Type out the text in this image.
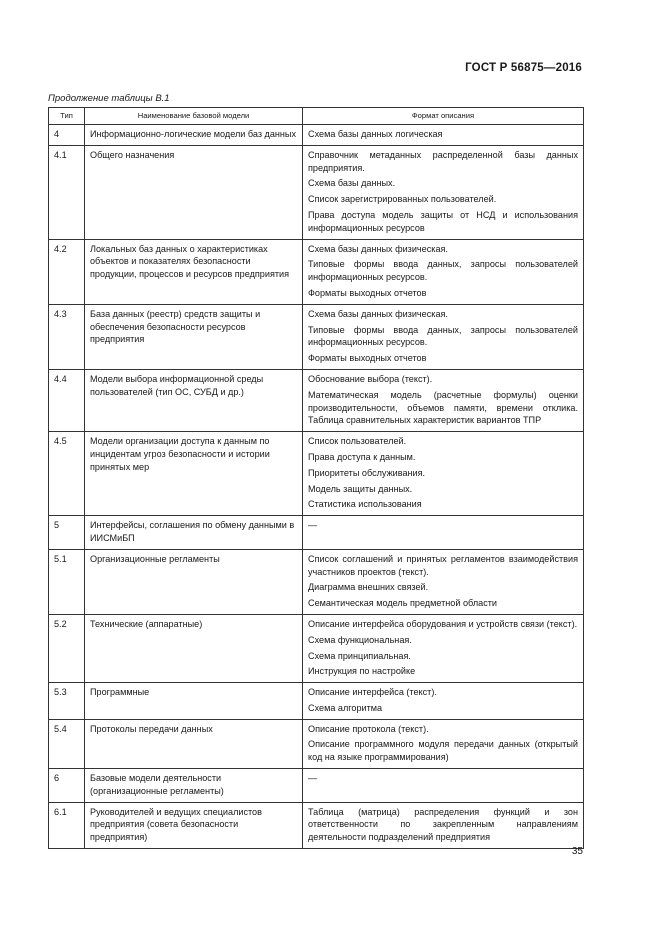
ГОСТ Р 56875—2016
Продолжение таблицы В.1
Тип	Наименование базовой модели	Формат описания
4	Информационно-логические модели баз данных	Схема базы данных логическая

4.1	Общего назначения	Справочник метаданных распределенной базы данных предприятия.

Схема базы данных.

Список зарегистрированных пользователей.

Права доступа модель защиты от НСД и использования информационных ресурсов

4.2	Локальных баз данных о характеристиках объектов и показателях безопасности продукции, процессов и ресурсов предприятия	Схема базы данных физическая.

Типовые формы ввода данных, запросы пользователей информационных ресурсов.

Форматы выходных отчетов

4.3	База данных (реестр) средств защиты и обеспечения безопасности ресурсов предприятия	Схема базы данных физическая.

Типовые формы ввода данных, запросы пользователей информационных ресурсов.

Форматы выходных отчетов

4.4	Модели выбора информационной среды пользователей (тип ОС, СУБД и др.)	Обоснование выбора (текст).

Математическая модель (расчетные формулы) оценки производительности, объемов памяти, времени отклика. Таблица сравнительных характеристик вариантов ТПР

4.5	Модели организации доступа к данным по инцидентам угроз безопасности и истории принятых мер	Список пользователей.

Права доступа к данным.

Приоритеты обслуживания.

Модель защиты данных.

Статистика использования

5	Интерфейсы, соглашения по обмену данными в ИИСМиБП	—

5.1	Организационные регламенты	Список соглашений и принятых регламентов взаимодействия участников проектов (текст).

Диаграмма внешних связей.

Семантическая модель предметной области

5.2	Технические (аппаратные)	Описание интерфейса оборудования и устройств связи (текст).

Схема функциональная.

Схема принципиальная.

Инструкция по настройке

5.3	Программные	Описание интерфейса (текст).

Схема алгоритма

5.4	Протоколы передачи данных	Описание протокола (текст).

Описание программного модуля передачи данных (открытый код на языке программирования)

6	Базовые модели деятельности (организационные регламенты)	—

6.1	Руководителей и ведущих специалистов предприятия (совета безопасности предприятия)	Таблица (матрица) распределения функций и зон ответственности по закрепленным направлениям деятельности подразделений предприятия

35
